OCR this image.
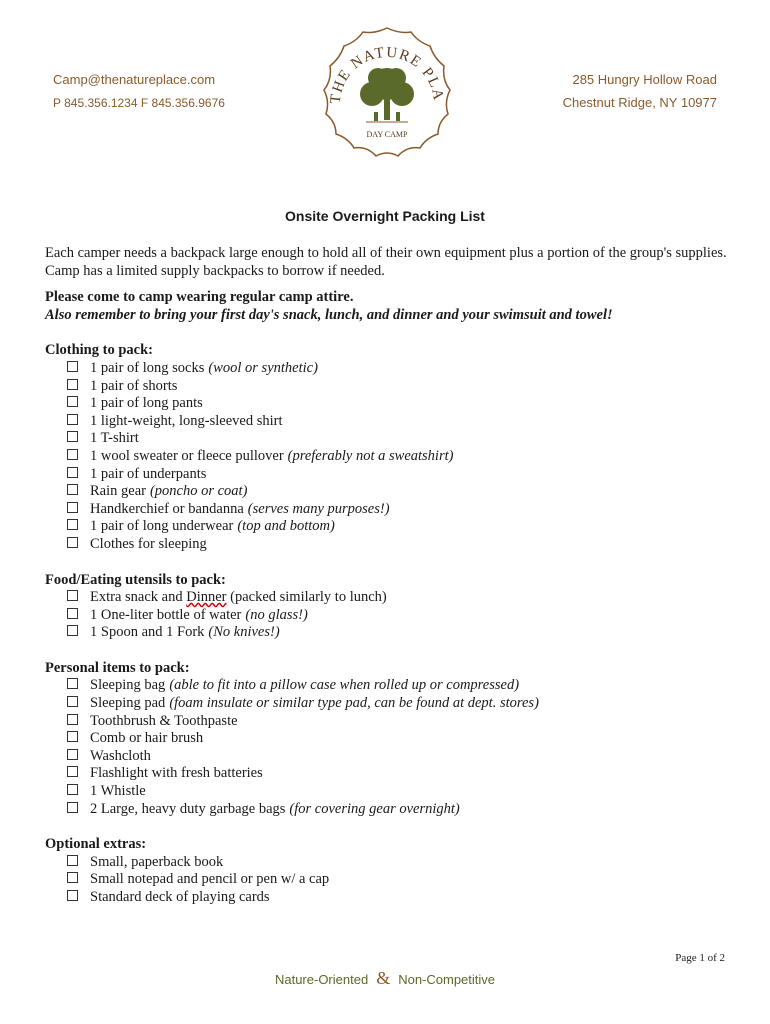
Camp@thenatureplace.com
P 845.356.1234 F 845.356.9676
285 Hungry Hollow Road
Chestnut Ridge, NY 10977
THE NATURE PLA
DAY CAMP
Onsite Overnight Packing List

Each camper needs a backpack large enough to hold all of their own equipment plus a portion of the group's supplies. Camp has a limited supply backpacks to borrow if needed.

Please come to camp wearing regular camp attire.

Also remember to bring your first day's snack, lunch, and dinner and your swimsuit and towel!

Clothing to pack:

1 pair of long socks (wool or synthetic)
1 pair of shorts
1 pair of long pants
1 light-weight, long-sleeved shirt
1 T-shirt
1 wool sweater or fleece pullover (preferably not a sweatshirt)
1 pair of underpants
Rain gear (poncho or coat)
Handkerchief or bandanna (serves many purposes!)
1 pair of long underwear (top and bottom)
Clothes for sleeping

Food/Eating utensils to pack:

Extra snack and Dinner (packed similarly to lunch)
1 One-liter bottle of water (no glass!)
1 Spoon and 1 Fork (No knives!)

Personal items to pack:

Sleeping bag (able to fit into a pillow case when rolled up or compressed)
Sleeping pad (foam insulate or similar type pad, can be found at dept. stores)
Toothbrush & Toothpaste
Comb or hair brush
Washcloth
Flashlight with fresh batteries
1 Whistle
2 Large, heavy duty garbage bags (for covering gear overnight)

Optional extras:

Small, paperback book
Small notepad and pencil or pen w/ a cap
Standard deck of playing cards
Page 1 of 2
Nature-Oriented & Non-Competitive
